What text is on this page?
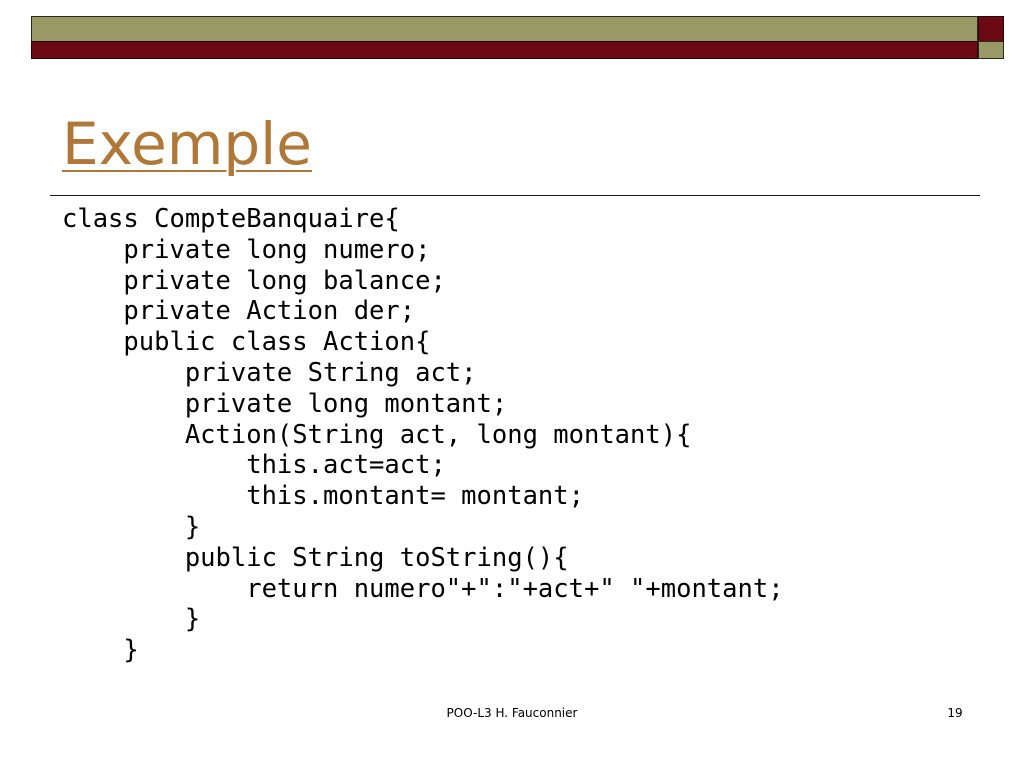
Exemple
class CompteBanquaire{
private long numero;
private long balance;
private Action der;
public class Action{
private String act;
private long montant;
Action(String act, long montant){
this.act=act;
this.montant= montant;
}
public String toString(){
return numero"+":"+act+" "+montant;
}
}
POO-L3 H. Fauconnier	19
